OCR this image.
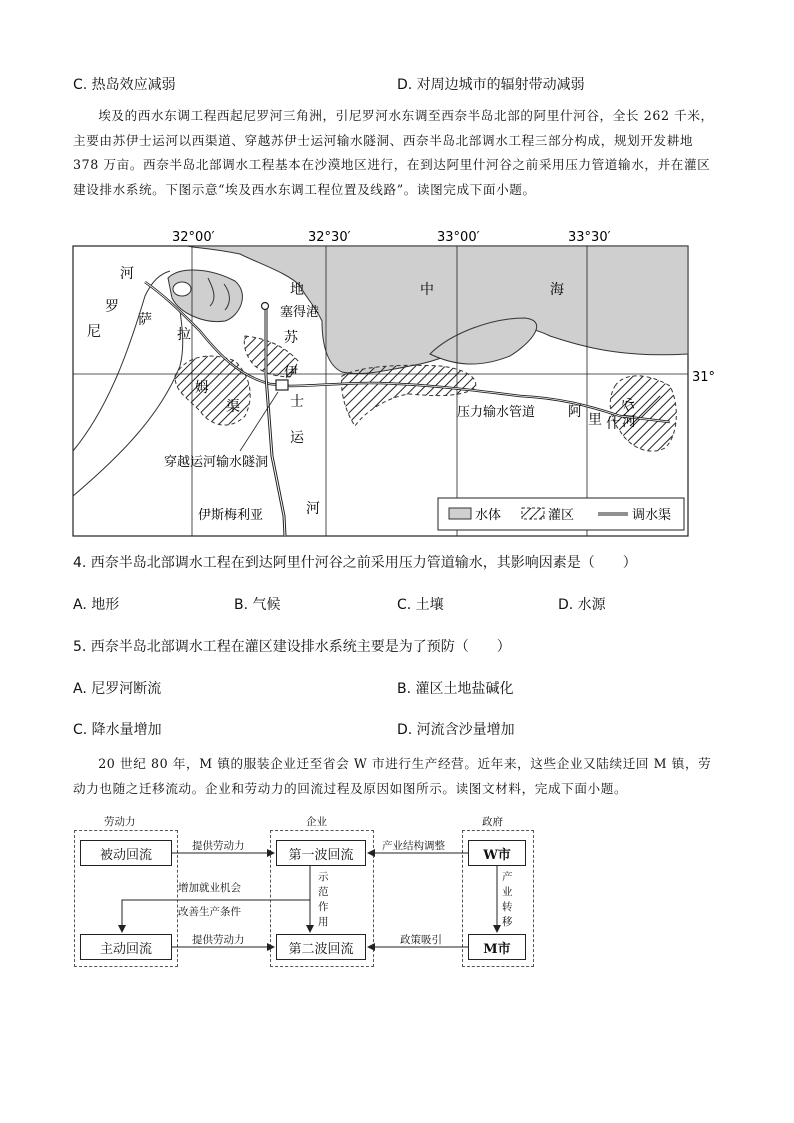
C. 热岛效应减弱	D. 对周边城市的辐射带动减弱

埃及的西水东调工程西起尼罗河三角洲，引尼罗河水东调至西奈半岛北部的阿里什河谷，全长 262 千米，主要由苏伊士运河以西渠道、穿越苏伊士运河输水隧洞、西奈半岛北部调水工程三部分构成，规划开发耕地 378 万亩。西奈半岛北部调水工程基本在沙漠地区进行，在到达阿里什河谷之前采用压力管道输水，并在灌区建设排水系统。下图示意“埃及西水东调工程位置及线路”。读图完成下面小题。

32°00′	32°30′	33°00′	33°30′
31°
地	中	海
河
罗
尼
萨
拉
姆
渠
苏
伊
士
运
河
阿 里 什 河
谷
塞得港
压力输水管道
穿越运河输水隧洞
伊斯梅利亚	水体	灌区	调水渠
4. 西奈半岛北部调水工程在到达阿里什河谷之前采用压力管道输水，其影响因素是（　　）
A. 地形	B. 气候	C. 土壤	D. 水源
5. 西奈半岛北部调水工程在灌区建设排水系统主要是为了预防（　　）
A. 尼罗河断流	B. 灌区土地盐碱化
C. 降水量增加	D. 河流含沙量增加

20 世纪 80 年，M 镇的服装企业迁至省会 W 市进行生产经营。近年来，这些企业又陆续迁回 M 镇，劳动力也随之迁移流动。企业和劳动力的回流过程及原因如图所示。读图文材料，完成下面小题。

劳动力	企业	政府
被动回流
主动回流
第一波回流
第二波回流
W市
M市
提供劳动力
提供劳动力
产业结构调整
政策吸引
增加就业机会
改善生产条件
示
范
作
用
产
业
转
移
